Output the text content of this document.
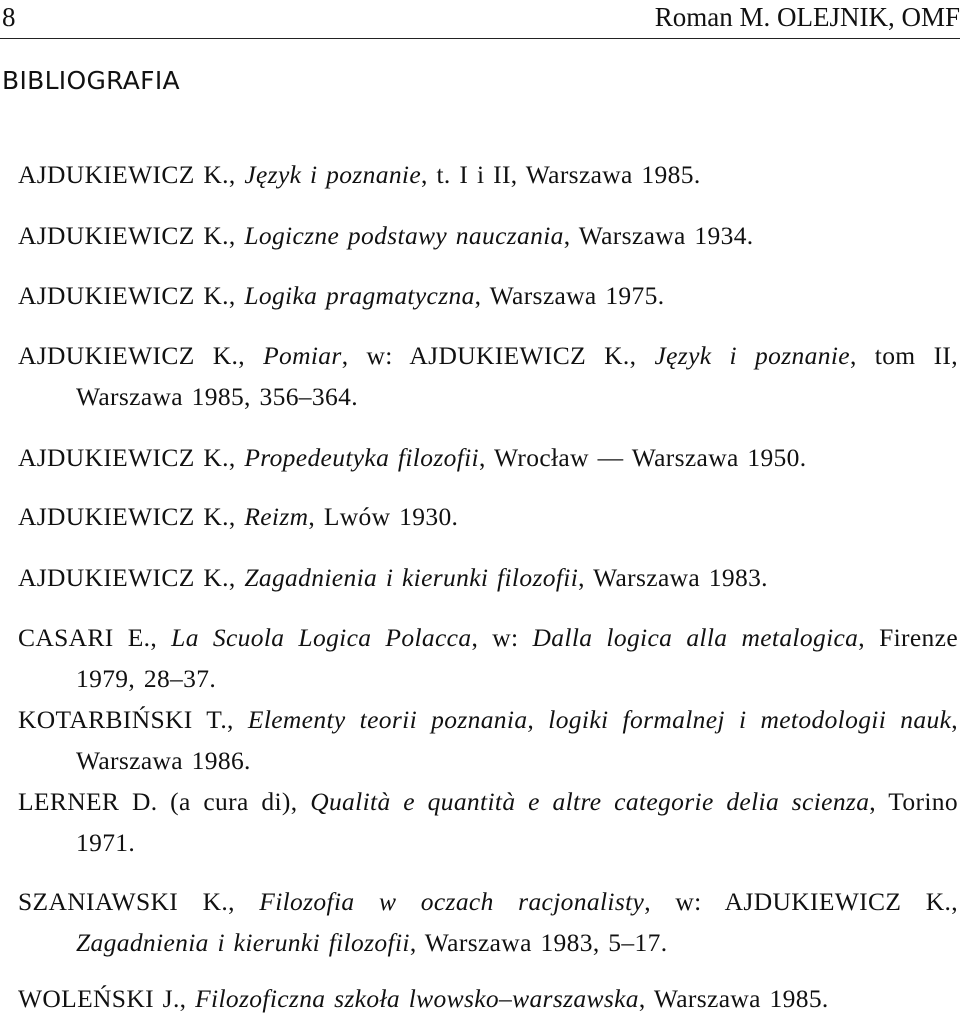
8	Roman M. OLEJNIK, OMF
BIBLIOGRAFIA
AJDUKIEWICZ K., Język i poznanie, t. I i II, Warszawa 1985.
AJDUKIEWICZ K., Logiczne podstawy nauczania, Warszawa 1934.
AJDUKIEWICZ K., Logika pragmatyczna, Warszawa 1975.
AJDUKIEWICZ K., Pomiar, w: AJDUKIEWICZ K., Język i poznanie, tom II, Warszawa 1985, 356–364.
AJDUKIEWICZ K., Propedeutyka filozofii, Wrocław — Warszawa 1950.
AJDUKIEWICZ K., Reizm, Lwów 1930.
AJDUKIEWICZ K., Zagadnienia i kierunki filozofii, Warszawa 1983.
CASARI E., La Scuola Logica Polacca, w: Dalla logica alla metalogica, Firenze 1979, 28–37.
KOTARBIŃSKI T., Elementy teorii poznania, logiki formalnej i metodologii nauk, Warszawa 1986.
LERNER D. (a cura di), Qualità e quantità e altre categorie delia scienza, Torino 1971.
SZANIAWSKI K., Filozofia w oczach racjonalisty, w: AJDUKIEWICZ K., Zagadnienia i kierunki filozofii, Warszawa 1983, 5–17.
WOLEŃSKI J., Filozoficzna szkoła lwowsko–warszawska, Warszawa 1985.
